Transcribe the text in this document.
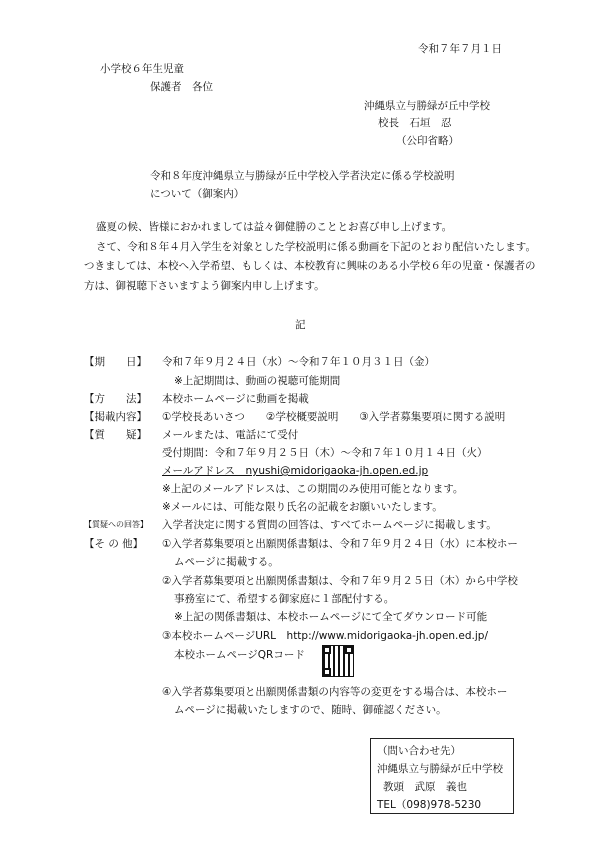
令和７年７月１日
小学校６年生児童
保護者　各位
沖縄県立与勝緑が丘中学校
校長　石垣　忍
（公印省略）
令和８年度沖縄県立与勝緑が丘中学校入学者決定に係る学校説明
について（御案内）

盛夏の候、皆様におかれましては益々御健勝のこととお喜び申し上げます。

さて、令和８年４月入学生を対象とした学校説明に係る動画を下記のとおり配信いたします。つきましては、本校へ入学希望、もしくは、本校教育に興味のある小学校６年の児童・保護者の方は、御視聴下さいますよう御案内申し上げます。

記
【期　　日】 令和７年９月２４日（水）～令和７年１０月３１日（金）
※上記期間は、動画の視聴可能期間
【方　　法】 本校ホームページに動画を掲載
【掲載内容】 ①学校長あいさつ　　②学校概要説明　　③入学者募集要項に関する説明
【質　　疑】 メールまたは、電話にて受付
受付期間：令和７年９月２５日（木）～令和７年１０月１４日（火）
メールアドレス　nyushi@midorigaoka-jh.open.ed.jp
※上記のメールアドレスは、この期間のみ使用可能となります。
※メールには、可能な限り氏名の記載をお願いいたします。
【質疑への回答】 入学者決定に関する質問の回答は、すべてホームページに掲載します。
【そ の 他】 ①入学者募集要項と出願関係書類は、令和７年９月２４日（水）に本校ホー
ムページに掲載する。
②入学者募集要項と出願関係書類は、令和７年９月２５日（木）から中学校
事務室にて、希望する御家庭に１部配付する。
※上記の関係書類は、本校ホームページにて全てダウンロード可能
③本校ホームページURL　http://www.midorigaoka-jh.open.ed.jp/
本校ホームページQRコード
④入学者募集要項と出願関係書類の内容等の変更をする場合は、本校ホー
ムページに掲載いたしますので、随時、御確認ください。
（問い合わせ先）
沖縄県立与勝緑が丘中学校
教頭　武原　義也
TEL（098)978-5230
